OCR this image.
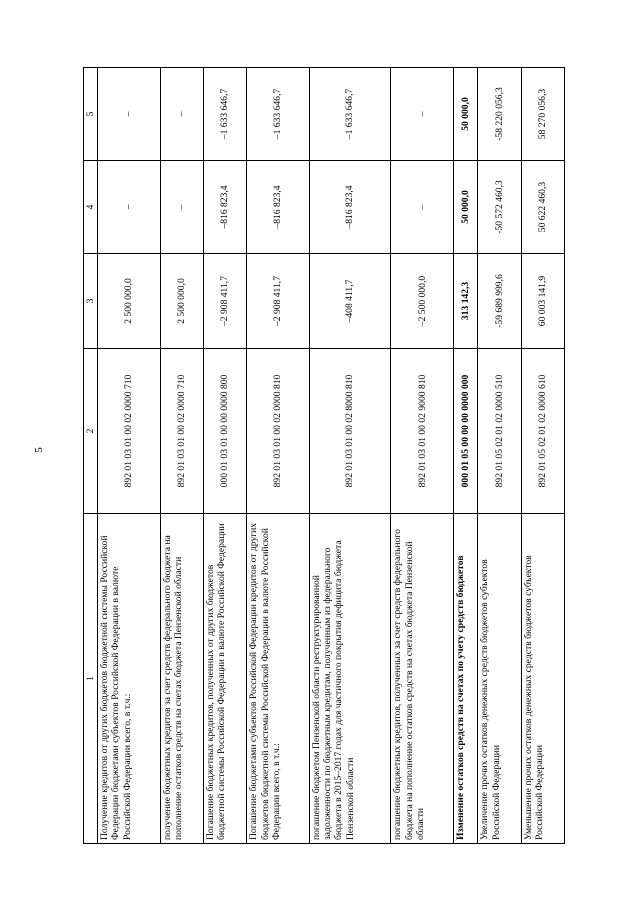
5
1	2	3	4	5
Получение кредитов от других бюджетов бюджетной системы Российской Федерации бюджетами субъектов Российской Федерации в валюте Российской Федерации всего, в т.ч.:	892 01 03 01 00 02 0000 710	2 500 000,0	–	–
получение бюджетных кредитов за счет средств федерального бюджета на пополнение остатков средств на счетах бюджета Пензенской области	892 01 03 01 00 02 0000 710	2 500 000,0	–	–
Погашение бюджетных кредитов, полученных от других бюджетов бюджетной системы Российской Федерации в валюте Российской Федерации	000 01 03 01 00 00 0000 800	–2 908 411,7	–816 823,4	–1 633 646,7
Погашение бюджетами субъектов Российской Федерации кредитов от других бюджетов бюджетной системы Российской Федерации в валюте Российской Федерации всего, в т.ч.:	892 01 03 01 00 02 0000 810	–2 908 411,7	–816 823,4	–1 633 646,7
погашение бюджетом Пензенской области реструктурированной задолженности по бюджетным кредитам, полученным из федерального бюджета в 2015–2017 годах для частичного покрытия дефицита бюджета Пензенской области	892 01 03 01 00 02 8000 810	–408 411,7	–816 823,4	–1 633 646,7
погашение бюджетных кредитов, полученных за счет средств федерального бюджета на пополнение остатков средств на счетах бюджета Пензенской области	892 01 03 01 00 02 9000 810	–2 500 000,0	–	–
Изменение остатков средств на счетах по учету средств бюджетов	000 01 05 00 00 00 0000 000	313 142,3	50 000,0	50 000,0
Увеличение прочих остатков денежных средств бюджетов субъектов Российской Федерации	892 01 05 02 01 02 0000 510	-59 689 999,6	-50 572 460,3	-58 220 056,3
Уменьшение прочих остатков денежных средств бюджетов субъектов Российской Федерации	892 01 05 02 01 02 0000 610	60 003 141,9	50 622 460,3	58 270 056,3
